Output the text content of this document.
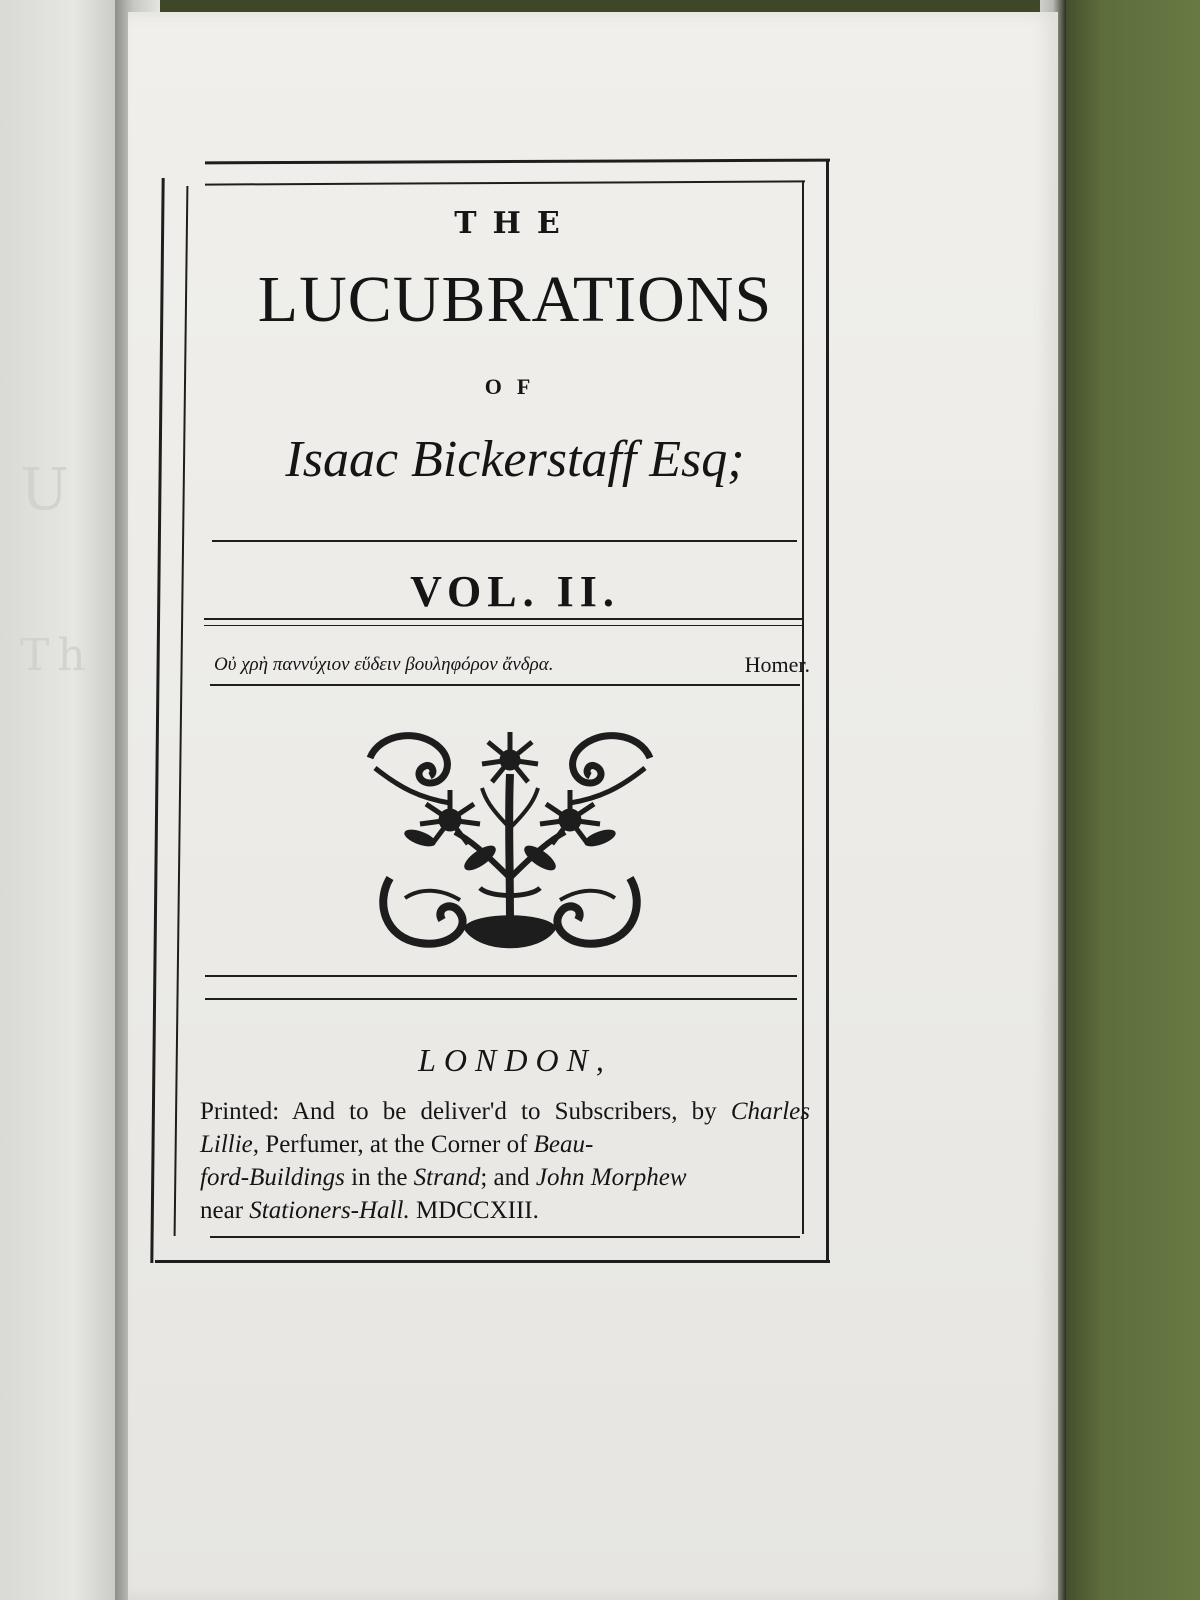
U
Th

THE
LUCUBRATIONS
OF
Isaac Bickerstaff Esq;
VOL. II.
Οὐ χρὴ παννύχιον εὕδειν βουληφόρον ἄνδρα.	Homer.
LONDON,
Printed: And to be deliver'd to Subscribers, by Charles Lillie, Perfumer, at the Corner of Beau-
ford-Buildings in the Strand; and John Morphew
near Stationers-Hall. MDCCXIII.
